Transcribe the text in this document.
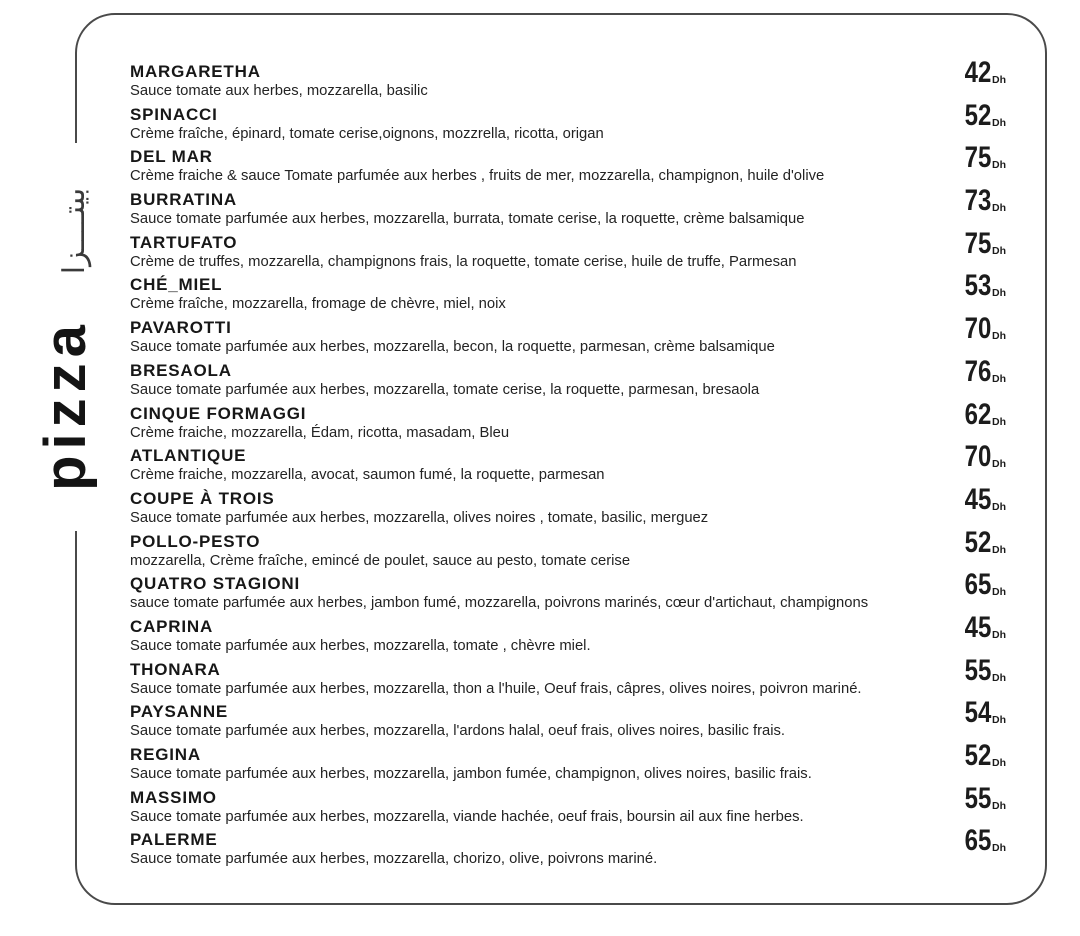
بيتــــزا
pizza
MARGARETHA
Sauce tomate aux herbes, mozzarella, basilic
42Dh
SPINACCI
Crème fraîche, épinard, tomate cerise,oignons, mozzrella, ricotta, origan
52Dh
DEL MAR
Crème fraiche & sauce Tomate parfumée aux herbes , fruits de mer, mozzarella, champignon, huile d'olive
75Dh
BURRATINA
Sauce tomate parfumée aux herbes, mozzarella, burrata, tomate cerise, la roquette, crème balsamique
73Dh
TARTUFATO
Crème de truffes, mozzarella, champignons frais, la roquette, tomate cerise, huile de truffe, Parmesan
75Dh
CHÉ_MIEL
Crème fraîche, mozzarella, fromage de chèvre, miel, noix
53Dh
PAVAROTTI
Sauce tomate parfumée aux herbes, mozzarella, becon, la roquette, parmesan, crème balsamique
70Dh
BRESAOLA
Sauce tomate parfumée aux herbes, mozzarella, tomate cerise, la roquette, parmesan, bresaola
76Dh
CINQUE FORMAGGI
Crème fraiche, mozzarella, Édam, ricotta, masadam, Bleu
62Dh
ATLANTIQUE
Crème fraiche, mozzarella, avocat, saumon fumé, la roquette, parmesan
70Dh
COUPE À TROIS
Sauce tomate parfumée aux herbes, mozzarella, olives noires , tomate, basilic, merguez
45Dh
POLLO-PESTO
mozzarella, Crème fraîche, emincé de poulet, sauce au pesto, tomate cerise
52Dh
QUATRO STAGIONI
sauce tomate parfumée aux herbes, jambon fumé, mozzarella, poivrons marinés, cœur d'artichaut, champignons
65Dh
CAPRINA
Sauce tomate parfumée aux herbes, mozzarella, tomate , chèvre miel.
45Dh
THONARA
Sauce tomate parfumée aux herbes, mozzarella, thon a l'huile, Oeuf frais, câpres, olives noires, poivron mariné.
55Dh
PAYSANNE
Sauce tomate parfumée aux herbes, mozzarella, l'ardons halal, oeuf frais, olives noires, basilic frais.
54Dh
REGINA
Sauce tomate parfumée aux herbes, mozzarella, jambon fumée, champignon, olives noires, basilic frais.
52Dh
MASSIMO
Sauce tomate parfumée aux herbes, mozzarella, viande hachée, oeuf frais, boursin ail aux fine herbes.
55Dh
PALERME
Sauce tomate parfumée aux herbes, mozzarella, chorizo, olive, poivrons mariné.
65Dh
